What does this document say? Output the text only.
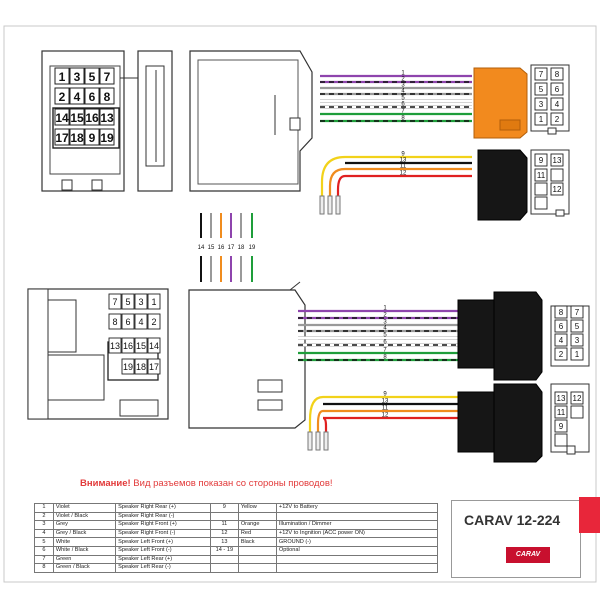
1 3 5 7
2 4 6 8
14 15 16 13
17 18 9 19
1
2
3
4
5
6
7
8
9
13
11
12
7 8
5 6
3 4
1 2
9 13
11
12
14 15 16 17 18 19
7 5 3 1
8 6 4 2
13 16 15 14
19 18 17
1
2
3
4
5
6
7
8
9
13
11
12
8 7
6 5
4 3
2 1
13 12
11
9
Внимание! Вид разъемов показан со стороны проводов!
1	Violet	Speaker Right Rear (+)	9	Yellow	+12V to Battery
2	Violet / Black	Speaker Right Rear (-)			
3	Grey	Speaker Right Front (+)	11	Orange	Illumination / Dimmer
4	Grey / Black	Speaker Right Front (-)	12	Red	+12V to Ingnition (ACC power ON)
5	White	Speaker Left Front (+)	13	Black	GROUND (-)
6	White / Black	Speaker Left Front (-)	14 - 19		Optional
7	Green	Speaker Left Rear (+)			
8	Green / Black	Speaker Left Rear (-)			
CARAV 12-224
CARAV
